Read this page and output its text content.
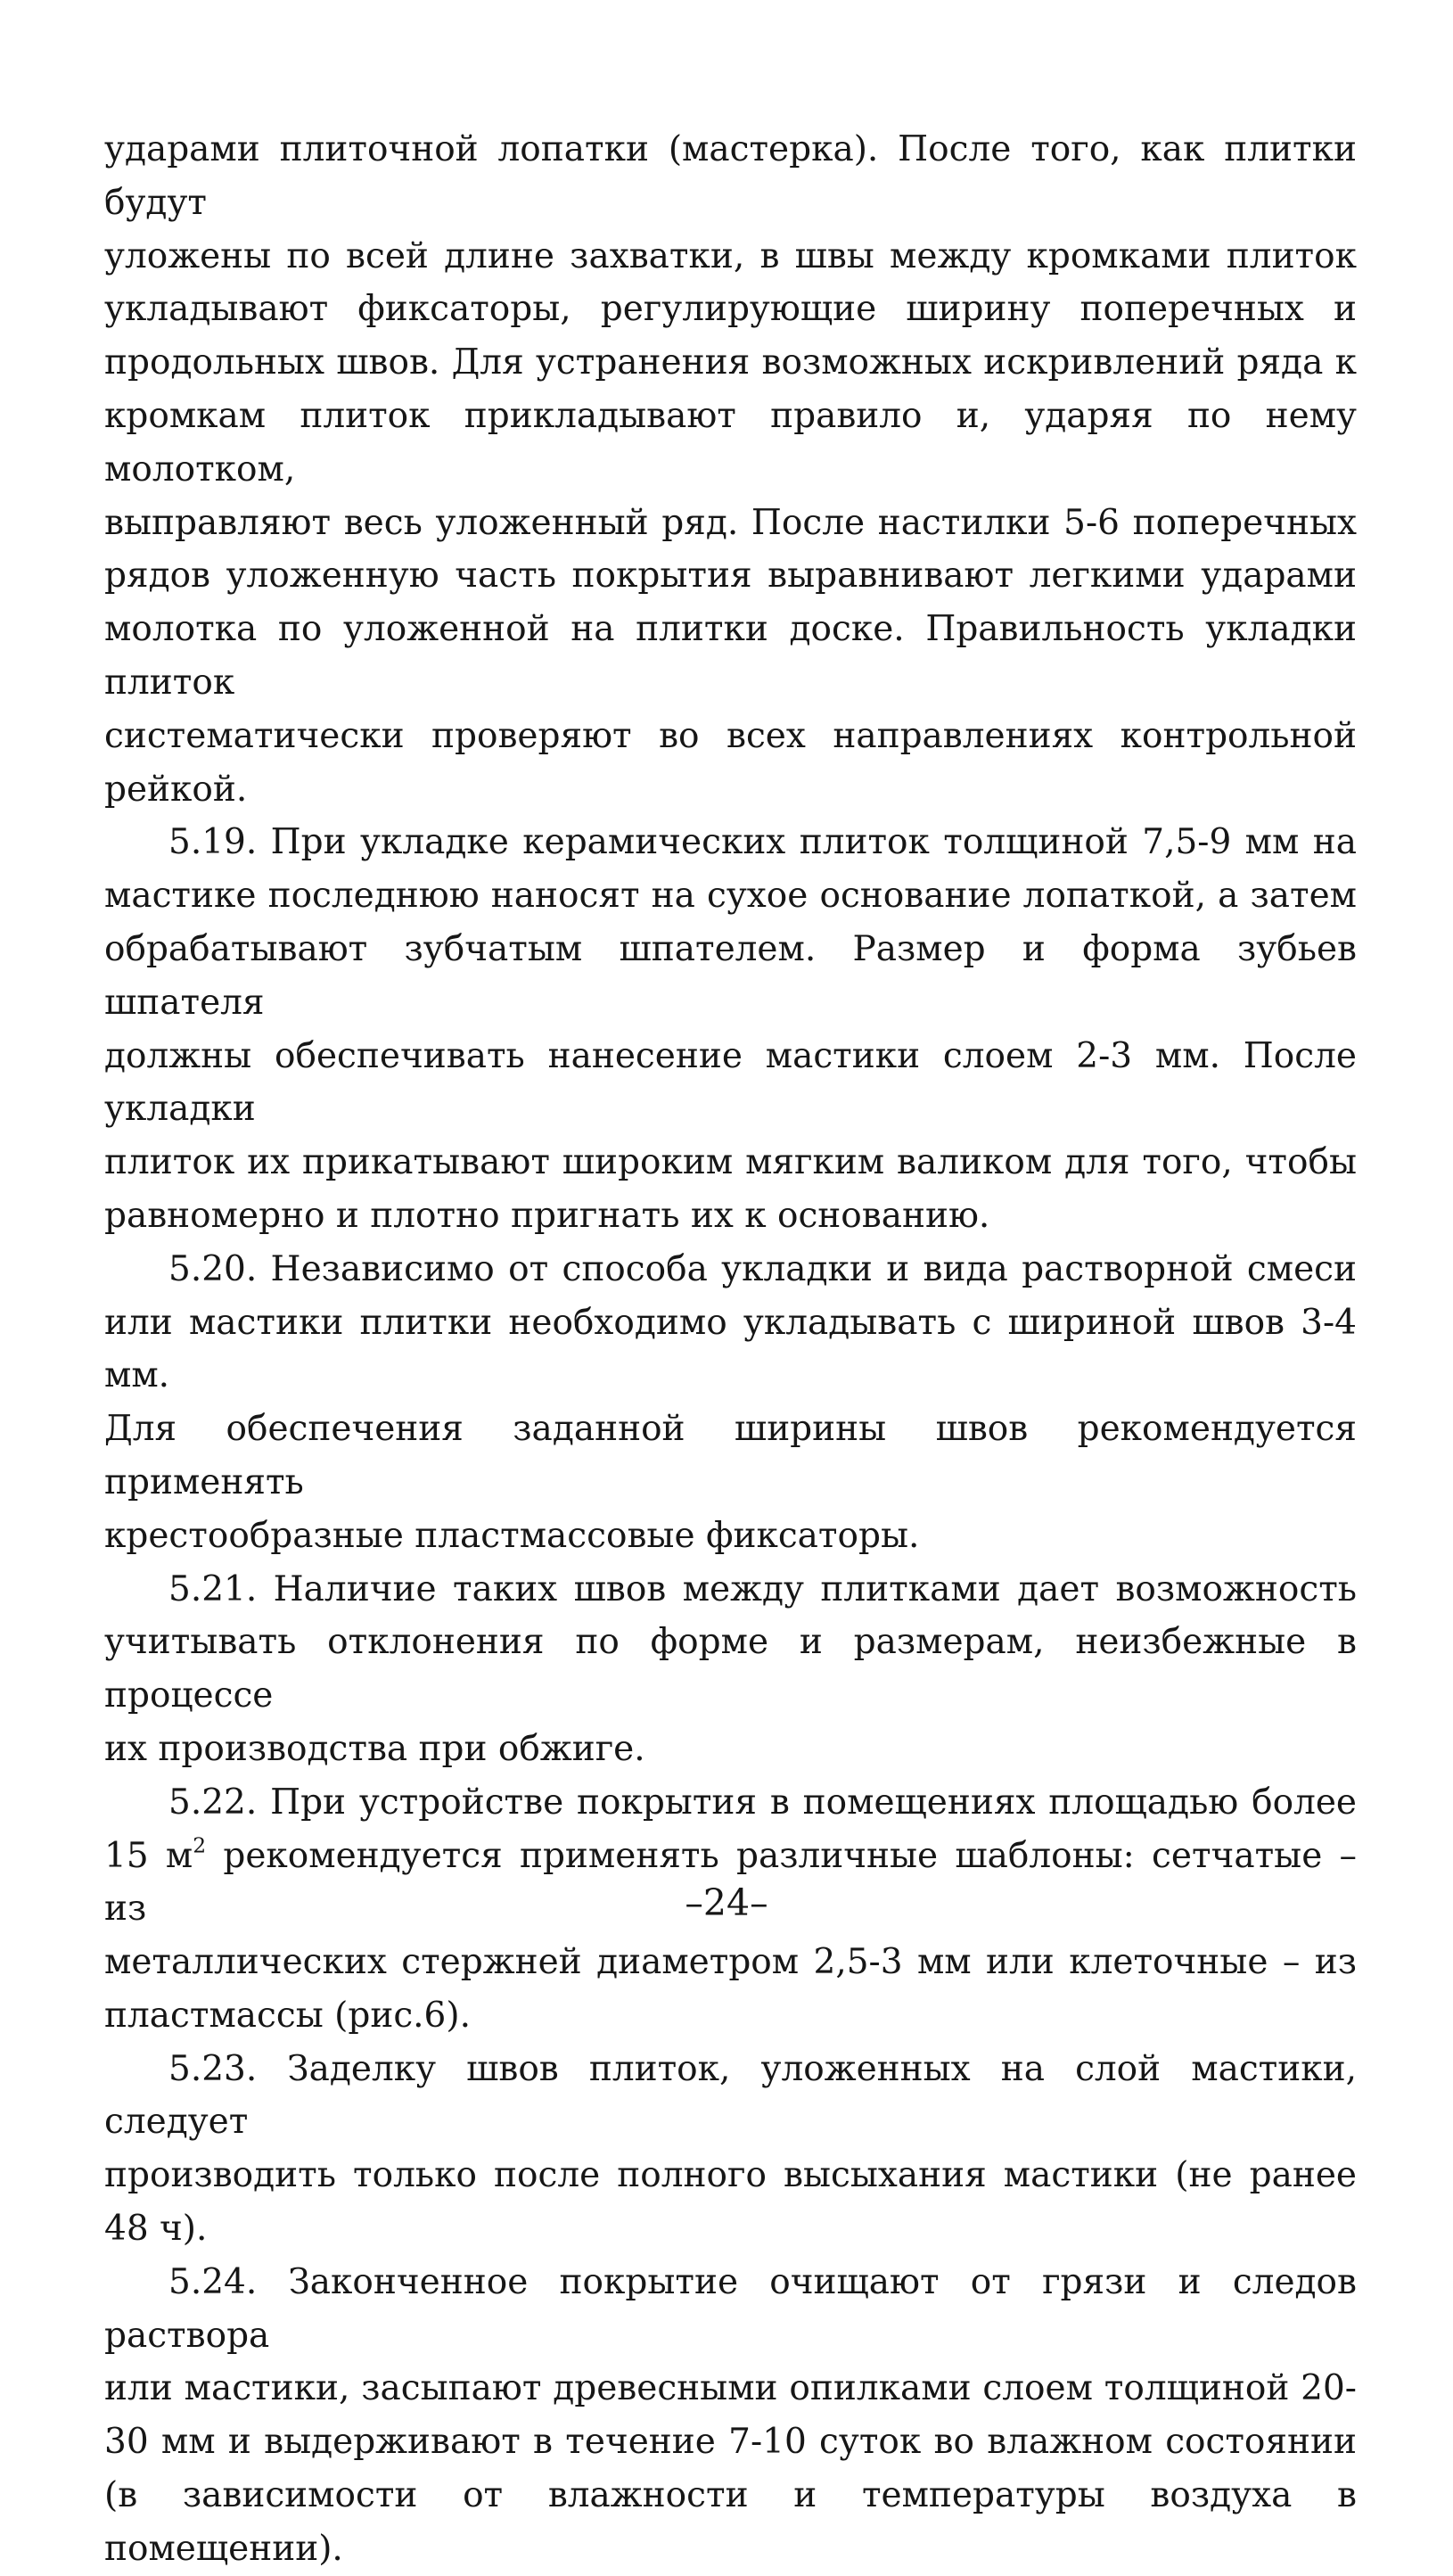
ударами плиточной лопатки (мастерка). После того, как плитки будут
уложены по всей длине захватки, в швы между кромками плиток
укладывают фиксаторы, регулирующие ширину поперечных и
продольных швов. Для устранения возможных искривлений ряда к
кромкам плиток прикладывают правило и, ударяя по нему молотком,
выправляют весь уложенный ряд. После настилки 5-6 поперечных
рядов уложенную часть покрытия выравнивают легкими ударами
молотка по уложенной на плитки доске. Правильность укладки плиток
систематически проверяют во всех направлениях контрольной рейкой.

5.19. При укладке керамических плиток толщиной 7,5-9 мм на
мастике последнюю наносят на сухое основание лопаткой, а затем
обрабатывают зубчатым шпателем. Размер и форма зубьев шпателя
должны обеспечивать нанесение мастики слоем 2-3 мм. После укладки
плиток их прикатывают широким мягким валиком для того, чтобы
равномерно и плотно пригнать их к основанию.

5.20. Независимо от способа укладки и вида растворной смеси
или мастики плитки необходимо укладывать с шириной швов 3-4 мм.
Для обеспечения заданной ширины швов рекомендуется применять
крестообразные пластмассовые фиксаторы.

5.21. Наличие таких швов между плитками дает возможность
учитывать отклонения по форме и размерам, неизбежные в процессе
их производства при обжиге.

5.22. При устройстве покрытия в помещениях площадью более
15 $м^2$ рекомендуется применять различные шаблоны: сетчатые – из
металлических стержней диаметром 2,5-3 мм или клеточные – из
пластмассы (рис.6).

5.23. Заделку швов плиток, уложенных на слой мастики, следует
производить только после полного высыхания мастики (не ранее
48 ч).

5.24. Законченное покрытие очищают от грязи и следов раствора
или мастики, засыпают древесными опилками слоем толщиной 20-
30 мм и выдерживают в течение 7-10 суток во влажном состоянии
(в зависимости от влажности и температуры воздуха в помещении).

–24–
